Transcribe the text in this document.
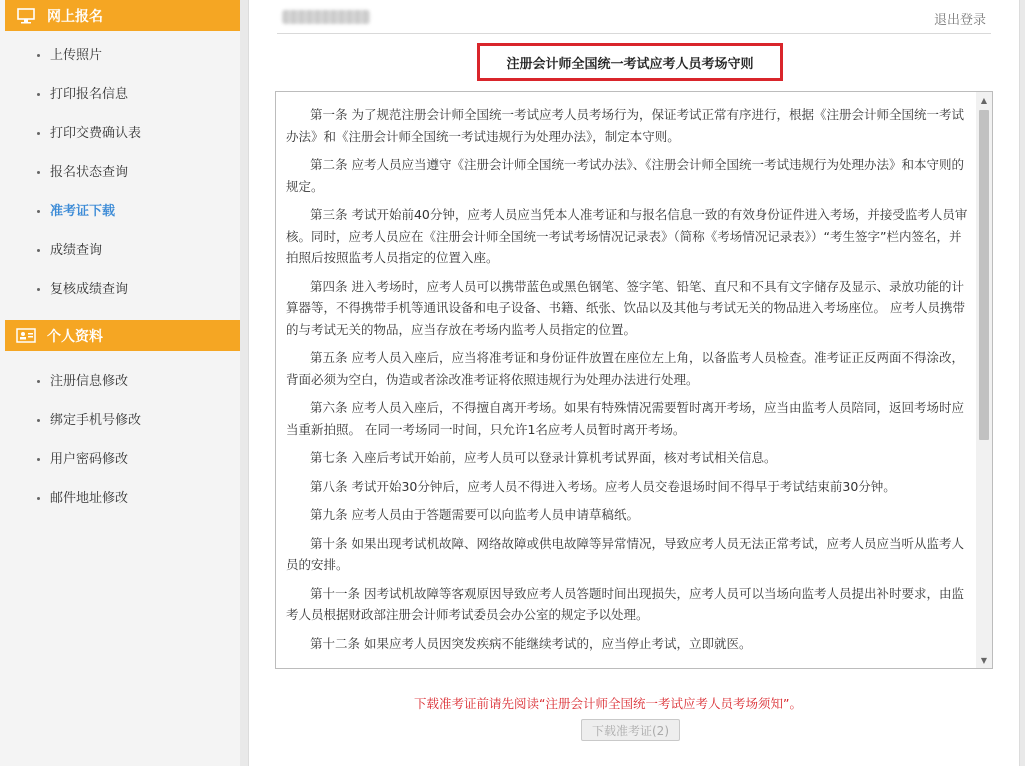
网上报名
上传照片
打印报名信息
打印交费确认表
报名状态查询
准考证下载
成绩查询
复核成绩查询
个人资料
注册信息修改
绑定手机号修改
用户密码修改
邮件地址修改
退出登录
注册会计师全国统一考试应考人员考场守则

第一条 为了规范注册会计师全国统一考试应考人员考场行为，保证考试正常有序进行，根据《注册会计师全国统一考试办法》和《注册会计师全国统一考试违规行为处理办法》，制定本守则。

第二条 应考人员应当遵守《注册会计师全国统一考试办法》、《注册会计师全国统一考试违规行为处理办法》和本守则的规定。

第三条 考试开始前40分钟，应考人员应当凭本人准考证和与报名信息一致的有效身份证件进入考场，并接受监考人员审核。同时，应考人员应在《注册会计师全国统一考试考场情况记录表》（简称《考场情况记录表》）“考生签字”栏内签名，并拍照后按照监考人员指定的位置入座。

第四条 进入考场时，应考人员可以携带蓝色或黑色钢笔、签字笔、铅笔、直尺和不具有文字储存及显示、录放功能的计算器等，不得携带手机等通讯设备和电子设备、书籍、纸张、饮品以及其他与考试无关的物品进入考场座位。 应考人员携带的与考试无关的物品，应当存放在考场内监考人员指定的位置。

第五条 应考人员入座后，应当将准考证和身份证件放置在座位左上角，以备监考人员检查。准考证正反两面不得涂改，背面必须为空白，伪造或者涂改准考证将依照违规行为处理办法进行处理。

第六条 应考人员入座后，不得擅自离开考场。如果有特殊情况需要暂时离开考场，应当由监考人员陪同，返回考场时应当重新拍照。 在同一考场同一时间，只允许1名应考人员暂时离开考场。

第七条 入座后考试开始前，应考人员可以登录计算机考试界面，核对考试相关信息。

第八条 考试开始30分钟后，应考人员不得进入考场。应考人员交卷退场时间不得早于考试结束前30分钟。

第九条 应考人员由于答题需要可以向监考人员申请草稿纸。

第十条 如果出现考试机故障、网络故障或供电故障等异常情况，导致应考人员无法正常考试，应考人员应当听从监考人员的安排。

第十一条 因考试机故障等客观原因导致应考人员答题时间出现损失，应考人员可以当场向监考人员提出补时要求，由监考人员根据财政部注册会计师考试委员会办公室的规定予以处理。

第十二条 如果应考人员因突发疾病不能继续考试的，应当停止考试，立即就医。

▲
▼
下载准考证前请先阅读“注册会计师全国统一考试应考人员考场须知”。
下载准考证(2)
